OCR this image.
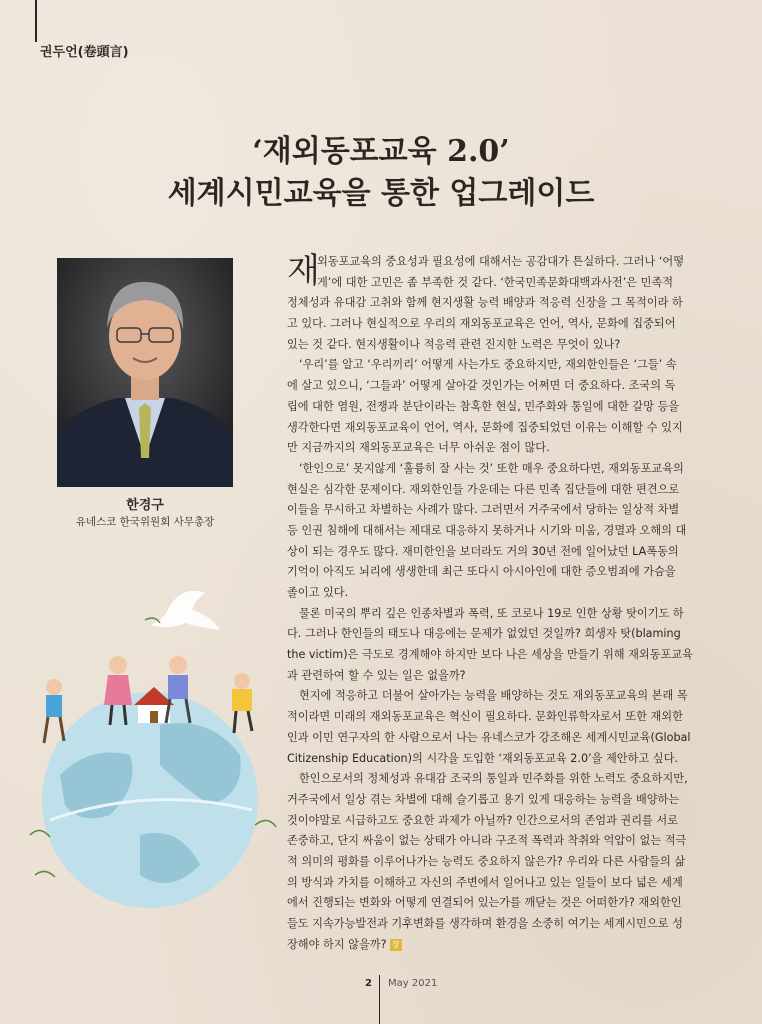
권두언(卷頭言)
‘재외동포교육 2.0’
세계시민교육을 통한 업그레이드
한경구
유네스코 한국위원회 사무총장
재
외동포교육의 중요성과 필요성에 대해서는 공감대가 튼실하다. 그러나 ‘어떻
게’에 대한 고민은 좀 부족한 것 같다. ‘한국민족문화대백과사전’은 민족적
정체성과 유대감 고취와 함께 현지생활 능력 배양과 적응력 신장을 그 목적이라 하
고 있다. 그러나 현실적으로 우리의 재외동포교육은 언어, 역사, 문화에 집중되어
있는 것 같다. 현지생활이나 적응력 관련 진지한 노력은 무엇이 있나?
‘우리’를 알고 ‘우리끼리’ 어떻게 사는가도 중요하지만, 재외한인들은 ‘그들’ 속
에 살고 있으니, ‘그들과’ 어떻게 살아갈 것인가는 어쩌면 더 중요하다. 조국의 독
립에 대한 염원, 전쟁과 분단이라는 참혹한 현실, 민주화와 통일에 대한 갈망 등을
생각한다면 재외동포교육이 언어, 역사, 문화에 집중되었던 이유는 이해할 수 있지
만 지금까지의 재외동포교육은 너무 아쉬운 점이 많다.
‘한인으로’ 못지않게 ‘훌륭히 잘 사는 것’ 또한 매우 중요하다면, 재외동포교육의
현실은 심각한 문제이다. 재외한인들 가운데는 다른 민족 집단들에 대한 편견으로
이들을 무시하고 차별하는 사례가 많다. 그러면서 거주국에서 당하는 일상적 차별
등 인권 침해에 대해서는 제대로 대응하지 못하거나 시기와 미움, 경멸과 오해의 대
상이 되는 경우도 많다. 재미한인을 보더라도 거의 30년 전에 일어났던 LA폭동의
기억이 아직도 뇌리에 생생한데 최근 또다시 아시아인에 대한 증오범죄에 가슴을
졸이고 있다.
물론 미국의 뿌리 깊은 인종차별과 폭력, 또 코로나 19로 인한 상황 탓이기도 하
다. 그러나 한인들의 태도나 대응에는 문제가 없었던 것일까? 희생자 탓(blaming
the victim)은 극도로 경계해야 하지만 보다 나은 세상을 만들기 위해 재외동포교육
과 관련하여 할 수 있는 일은 없을까?
현지에 적응하고 더불어 살아가는 능력을 배양하는 것도 재외동포교육의 본래 목
적이라면 미래의 재외동포교육은 혁신이 필요하다. 문화인류학자로서 또한 재외한
인과 이민 연구자의 한 사람으로서 나는 유네스코가 강조해온 세계시민교육(Global
Citizenship Education)의 시각을 도입한 ‘재외동포교육 2.0’을 제안하고 싶다.
한인으로서의 정체성과 유대감 조국의 통일과 민주화를 위한 노력도 중요하지만,
거주국에서 일상 겪는 차별에 대해 슬기롭고 용기 있게 대응하는 능력을 배양하는
것이야말로 시급하고도 중요한 과제가 아닐까? 인간으로서의 존엄과 권리를 서로
존중하고, 단지 싸움이 없는 상태가 아니라 구조적 폭력과 착취와 억압이 없는 적극
적 의미의 평화를 이루어나가는 능력도 중요하지 않은가? 우리와 다른 사람들의 삶
의 방식과 가치를 이해하고 자신의 주변에서 일어나고 있는 일들이 보다 넓은 세계
에서 진행되는 변화와 어떻게 연결되어 있는가를 깨닫는 것은 어떠한가? 재외한인
들도 지속가능발전과 기후변화를 생각하며 환경을 소중히 여기는 세계시민으로 성
장해야 하지 않을까? 장
2 May 2021
